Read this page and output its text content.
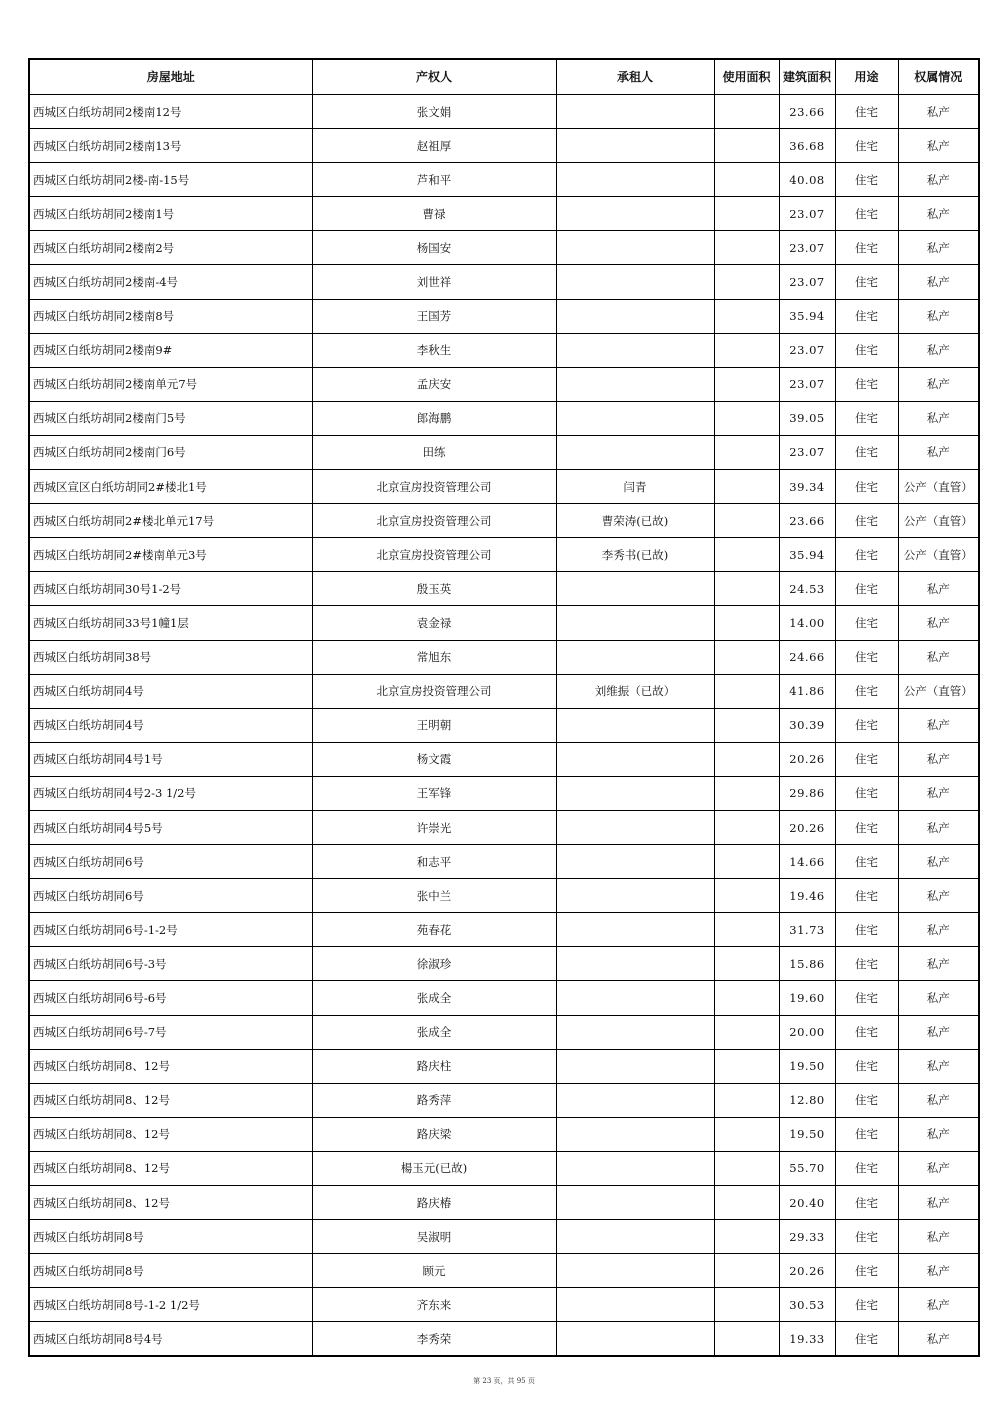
房屋地址	产权人	承租人	使用面积	建筑面积	用途	权属情况
西城区白纸坊胡同2楼南12号	张文娟			23.66	住宅	私产
西城区白纸坊胡同2楼南13号	赵祖厚			36.68	住宅	私产
西城区白纸坊胡同2楼-南-15号	芦和平			40.08	住宅	私产
西城区白纸坊胡同2楼南1号	曹禄			23.07	住宅	私产
西城区白纸坊胡同2楼南2号	杨国安			23.07	住宅	私产
西城区白纸坊胡同2楼南-4号	刘世祥			23.07	住宅	私产
西城区白纸坊胡同2楼南8号	王国芳			35.94	住宅	私产
西城区白纸坊胡同2楼南9#	李秋生			23.07	住宅	私产
西城区白纸坊胡同2楼南单元7号	孟庆安			23.07	住宅	私产
西城区白纸坊胡同2楼南门5号	郎海鹏			39.05	住宅	私产
西城区白纸坊胡同2楼南门6号	田练			23.07	住宅	私产
西城区宣区白纸坊胡同2#楼北1号	北京宣房投资管理公司	闫青		39.34	住宅	公产（直管）
西城区白纸坊胡同2#楼北单元17号	北京宣房投资管理公司	曹荣涛(已故)		23.66	住宅	公产（直管）
西城区白纸坊胡同2#楼南单元3号	北京宣房投资管理公司	李秀书(已故)		35.94	住宅	公产（直管）
西城区白纸坊胡同30号1-2号	殷玉英			24.53	住宅	私产
西城区白纸坊胡同33号1幢1层	袁金禄			14.00	住宅	私产
西城区白纸坊胡同38号	常旭东			24.66	住宅	私产
西城区白纸坊胡同4号	北京宣房投资管理公司	刘维振（已故）		41.86	住宅	公产（直管）
西城区白纸坊胡同4号	王明朝			30.39	住宅	私产
西城区白纸坊胡同4号1号	杨文霞			20.26	住宅	私产
西城区白纸坊胡同4号2-3 1/2号	王军锋			29.86	住宅	私产
西城区白纸坊胡同4号5号	许崇光			20.26	住宅	私产
西城区白纸坊胡同6号	和志平			14.66	住宅	私产
西城区白纸坊胡同6号	张中兰			19.46	住宅	私产
西城区白纸坊胡同6号-1-2号	苑春花			31.73	住宅	私产
西城区白纸坊胡同6号-3号	徐淑珍			15.86	住宅	私产
西城区白纸坊胡同6号-6号	张成全			19.60	住宅	私产
西城区白纸坊胡同6号-7号	张成全			20.00	住宅	私产
西城区白纸坊胡同8、12号	路庆柱			19.50	住宅	私产
西城区白纸坊胡同8、12号	路秀萍			12.80	住宅	私产
西城区白纸坊胡同8、12号	路庆梁			19.50	住宅	私产
西城区白纸坊胡同8、12号	楊玉元(已故)			55.70	住宅	私产
西城区白纸坊胡同8、12号	路庆椿			20.40	住宅	私产
西城区白纸坊胡同8号	吴淑明			29.33	住宅	私产
西城区白纸坊胡同8号	顾元			20.26	住宅	私产
西城区白纸坊胡同8号-1-2 1/2号	齐东来			30.53	住宅	私产
西城区白纸坊胡同8号4号	李秀荣			19.33	住宅	私产
第 23 页，共 95 页
